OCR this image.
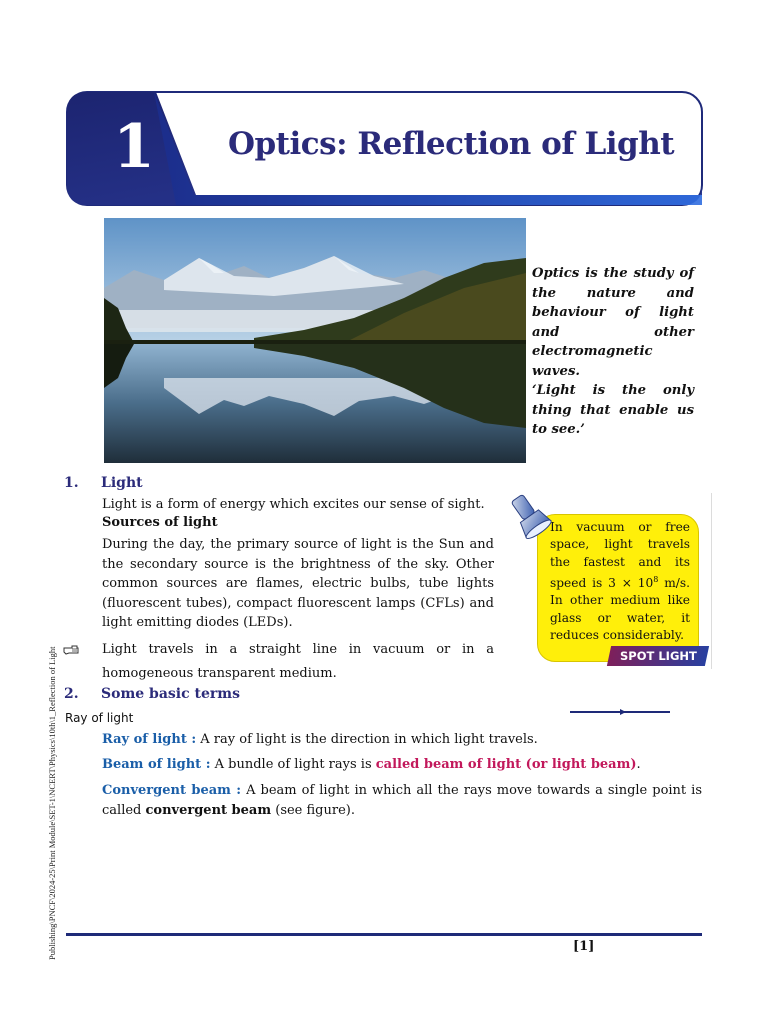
1 Optics: Reflection of Light

Optics is the study of the nature and behaviour of light and other electromagnetic waves.

‘Light is the only thing that enable us to see.’

1. Light
Light is a form of energy which excites our sense of sight.
Sources of light
During the day, the primary source of light is the Sun and the secondary source is the brightness of the sky. Other common sources are flames, electric bulbs, tube lights (fluorescent tubes), compact fluorescent lamps (CFLs) and light emitting diodes (LEDs).
Light travels in a straight line in vacuum or in a homogeneous transparent medium.
In vacuum or free space, light travels the fastest and its speed is $3 \times 10^8$ m/s. In other medium like glass or water, it reduces considerably.
SPOT LIGHT
2. Some basic terms
Ray of light
Ray of light : A ray of light is the direction in which light travels.
Beam of light : A bundle of light rays is called beam of light (or light beam).
Convergent beam : A beam of light in which all the rays move towards a single point is called convergent beam (see figure).
Publishing\PNCF\2024-25\Print Module\SET-1\NCERT\Physics\10th\1_Reflection of Light	[1]
